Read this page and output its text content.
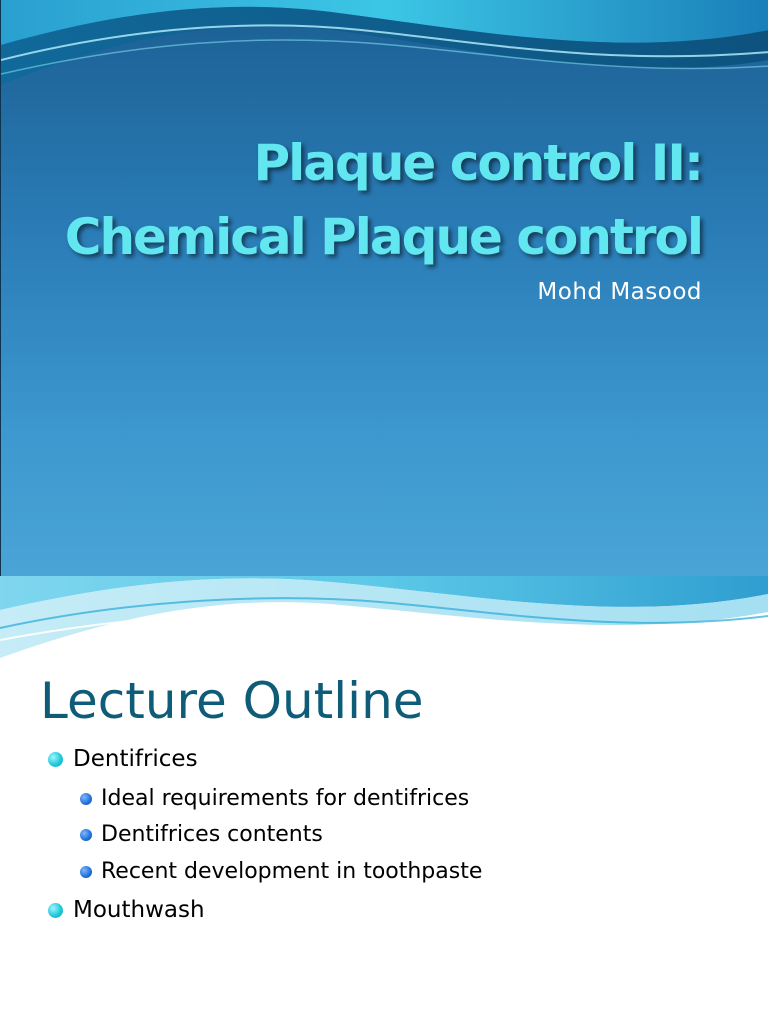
Plaque control II:
Chemical Plaque control

Mohd Masood

Lecture Outline
Dentifrices
Ideal requirements for dentifrices
Dentifrices contents
Recent development in toothpaste
Mouthwash
